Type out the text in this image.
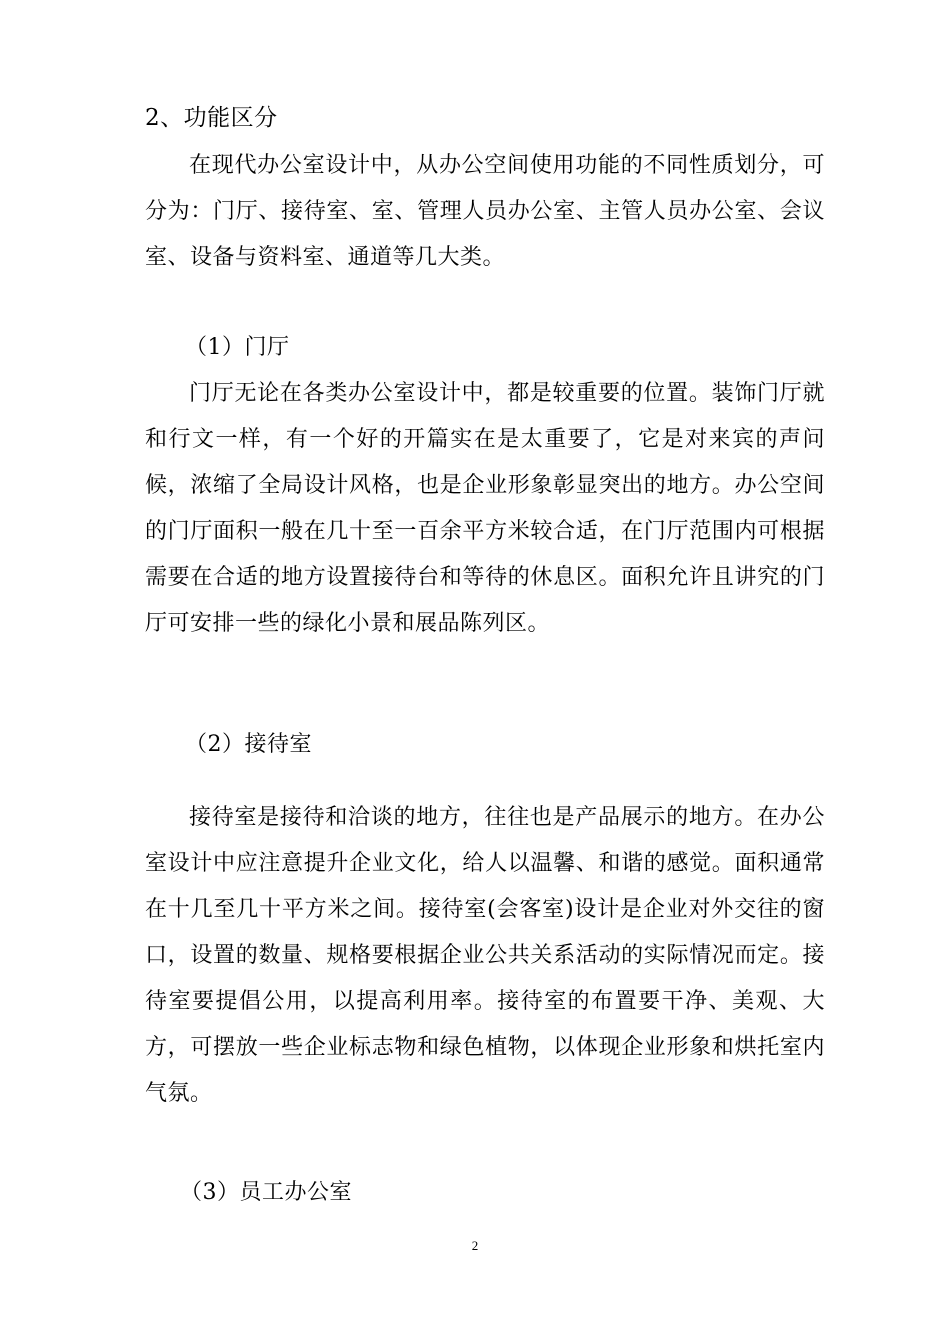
2、功能区分

在现代办公室设计中，从办公空间使用功能的不同性质划分，可分为：门厅、接待室、室、管理人员办公室、主管人员办公室、会议室、设备与资料室、通道等几大类。

（1）门厅

门厅无论在各类办公室设计中，都是较重要的位置。装饰门厅就和行文一样，有一个好的开篇实在是太重要了，它是对来宾的声问候，浓缩了全局设计风格，也是企业形象彰显突出的地方。办公空间的门厅面积一般在几十至一百余平方米较合适，在门厅范围内可根据需要在合适的地方设置接待台和等待的休息区。面积允许且讲究的门厅可安排一些的绿化小景和展品陈列区。

（2）接待室

接待室是接待和洽谈的地方，往往也是产品展示的地方。在办公室设计中应注意提升企业文化，给人以温馨、和谐的感觉。面积通常在十几至几十平方米之间。接待室(会客室)设计是企业对外交往的窗口，设置的数量、规格要根据企业公共关系活动的实际情况而定。接待室要提倡公用，以提高利用率。接待室的布置要干净、美观、大方，可摆放一些企业标志物和绿色植物，以体现企业形象和烘托室内气氛。

（3）员工办公室

2
